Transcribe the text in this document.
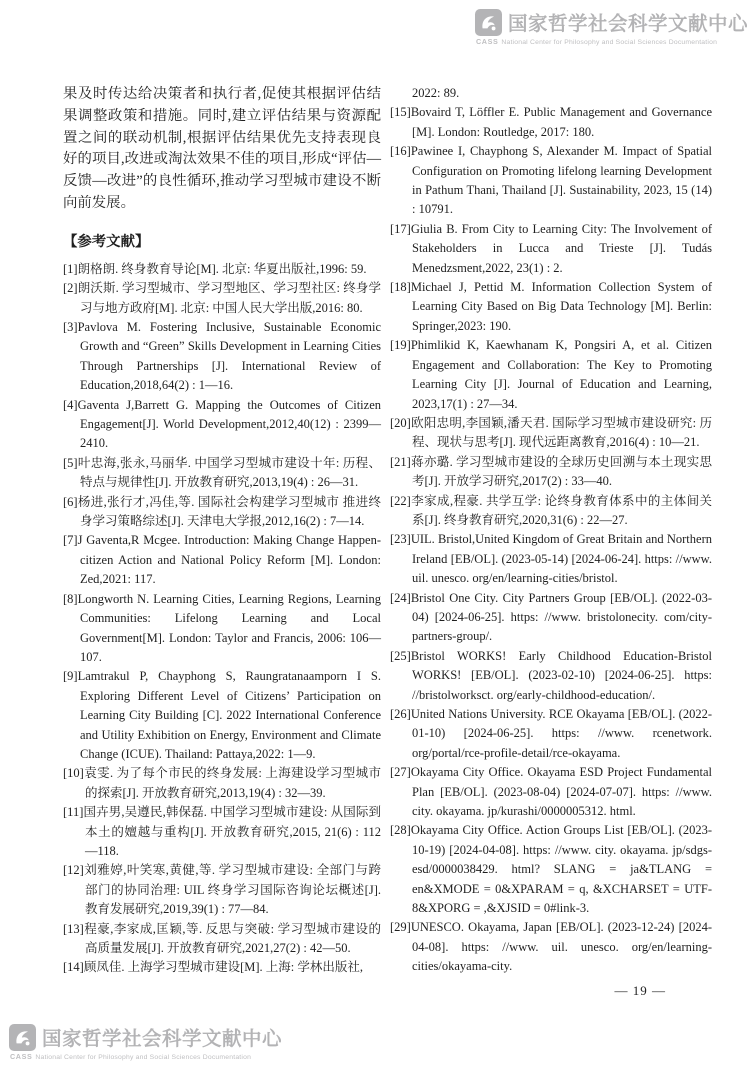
国家哲学社会科学文献中心
CASS National Center for Philosophy and Social Sciences Documentation

果及时传达给决策者和执行者,促使其根据评估结果调整政策和措施。同时,建立评估结果与资源配置之间的联动机制,根据评估结果优先支持表现良好的项目,改进或淘汰效果不佳的项目,形成“评估—反馈—改进”的良性循环,推动学习型城市建设不断向前发展。

【参考文献】
[1]朗格朗. 终身教育导论[M]. 北京: 华夏出版社,1996: 59.
[2]朗沃斯. 学习型城市、学习型地区、学习型社区: 终身学习与地方政府[M]. 北京: 中国人民大学出版,2016: 80.
[3]Pavlova M. Fostering Inclusive, Sustainable Economic Growth and “Green” Skills Development in Learning Cities Through Partnerships [J]. International Review of Education,2018,64(2) : 1—16.
[4]Gaventa J,Barrett G. Mapping the Outcomes of Citizen Engagement[J]. World Development,2012,40(12) : 2399—2410.
[5]叶忠海,张永,马丽华. 中国学习型城市建设十年: 历程、特点与规律性[J]. 开放教育研究,2013,19(4) : 26—31.
[6]杨进,张行才,冯佳,等. 国际社会构建学习型城市 推进终身学习策略综述[J]. 天津电大学报,2012,16(2) : 7—14.
[7]J Gaventa,R Mcgee. Introduction: Making Change Happen-citizen Action and National Policy Reform [M]. London: Zed,2021: 117.
[8]Longworth N. Learning Cities, Learning Regions, Learning Communities: Lifelong Learning and Local Government[M]. London: Taylor and Francis, 2006: 106—107.
[9]Lamtrakul P, Chayphong S, Raungratanaamporn I S. Exploring Different Level of Citizens’ Participation on Learning City Building [C]. 2022 International Conference and Utility Exhibition on Energy, Environment and Climate Change (ICUE). Thailand: Pattaya,2022: 1—9.
[10]袁雯. 为了每个市民的终身发展: 上海建设学习型城市的探索[J]. 开放教育研究,2013,19(4) : 32—39.
[11]国卉男,吴遵民,韩保磊. 中国学习型城市建设: 从国际到本土的嬗越与重构[J]. 开放教育研究,2015, 21(6) : 112—118.
[12]刘雅婷,叶笑寒,黄健,等. 学习型城市建设: 全部门与跨部门的协同治理: UIL 终身学习国际咨询论坛概述[J]. 教育发展研究,2019,39(1) : 77—84.
[13]程豪,李家成,匡颖,等. 反思与突破: 学习型城市建设的高质量发展[J]. 开放教育研究,2021,27(2) : 42—50.
[14]顾凤佳. 上海学习型城市建设[M]. 上海: 学林出版社,
2022: 89.
[15]Bovaird T, Löffler E. Public Management and Governance [M]. London: Routledge, 2017: 180.
[16]Pawinee I, Chayphong S, Alexander M. Impact of Spatial Configuration on Promoting lifelong learning Development in Pathum Thani, Thailand [J]. Sustainability, 2023, 15 (14) : 10791.
[17]Giulia B. From City to Learning City: The Involvement of Stakeholders in Lucca and Trieste [J]. Tudás Menedzsment,2022, 23(1) : 2.
[18]Michael J, Pettid M. Information Collection System of Learning City Based on Big Data Technology [M]. Berlin: Springer,2023: 190.
[19]Phimlikid K, Kaewhanam K, Pongsiri A, et al. Citizen Engagement and Collaboration: The Key to Promoting Learning City [J]. Journal of Education and Learning, 2023,17(1) : 27—34.
[20]欧阳忠明,李国颖,潘天君. 国际学习型城市建设研究: 历程、现状与思考[J]. 现代远距离教育,2016(4) : 10—21.
[21]蒋亦璐. 学习型城市建设的全球历史回溯与本土现实思考[J]. 开放学习研究,2017(2) : 33—40.
[22]李家成,程豪. 共学互学: 论终身教育体系中的主体间关系[J]. 终身教育研究,2020,31(6) : 22—27.
[23]UIL. Bristol,United Kingdom of Great Britain and Northern Ireland [EB/OL]. (2023-05-14) [2024-06-24]. https: //www. uil. unesco. org/en/learning-cities/bristol.
[24]Bristol One City. City Partners Group [EB/OL]. (2022-03-04) [2024-06-25]. https: //www. bristolonecity. com/city-partners-group/.
[25]Bristol WORKS! Early Childhood Education-Bristol WORKS! [EB/OL]. (2023-02-10) [2024-06-25]. https: //bristolworksct. org/early-childhood-education/.
[26]United Nations University. RCE Okayama [EB/OL]. (2022-01-10) [2024-06-25]. https: //www. rcenetwork. org/portal/rce-profile-detail/rce-okayama.
[27]Okayama City Office. Okayama ESD Project Fundamental Plan [EB/OL]. (2023-08-04) [2024-07-07]. https: //www. city. okayama. jp/kurashi/0000005312. html.
[28]Okayama City Office. Action Groups List [EB/OL]. (2023-10-19) [2024-04-08]. https: //www. city. okayama. jp/sdgs-esd/0000038429. html? SLANG = ja&TLANG = en&XMODE = 0&XPARAM = q, &XCHARSET = UTF-8&XPORG = ,&XJSID = 0#link-3.
[29]UNESCO. Okayama, Japan [EB/OL]. (2023-12-24) [2024-04-08]. https: //www. uil. unesco. org/en/learning-cities/okayama-city.
— 19 —
国家哲学社会科学文献中心
CASS National Center for Philosophy and Social Sciences Documentation
